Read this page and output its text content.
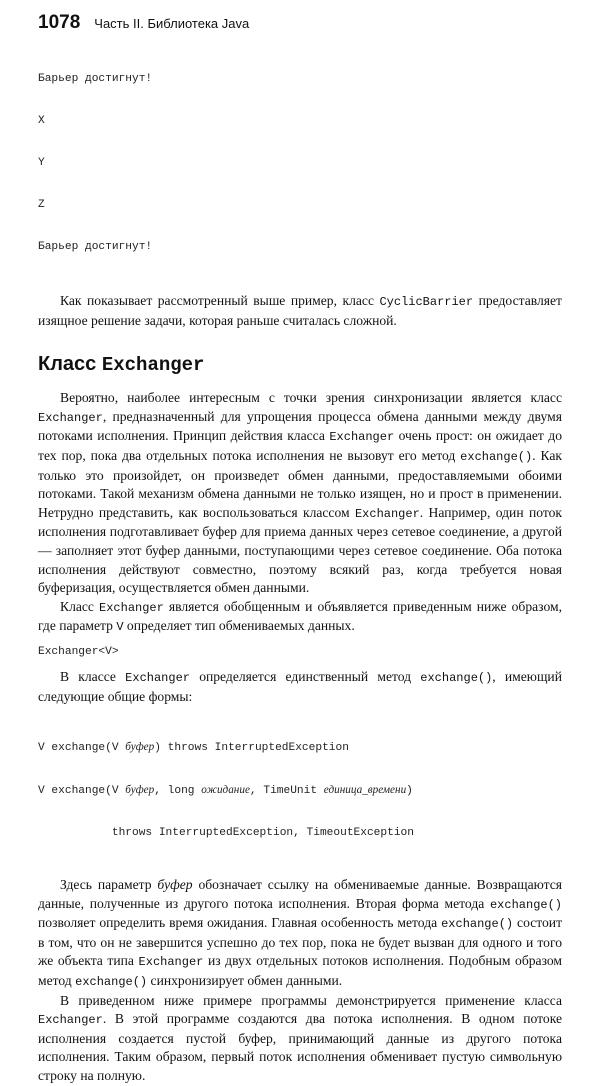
1078 Часть II. Библиотека Java

Барьер достигнут!

X

Y

Z

Барьер достигнут!

Как показывает рассмотренный выше пример, класс CyclicBarrier предоставляет изящное решение задачи, которая раньше считалась сложной.

Класс Exchanger

Вероятно, наиболее интересным с точки зрения синхронизации является класс Exchanger, предназначенный для упрощения процесса обмена данными между двумя потоками исполнения. Принцип действия класса Exchanger очень прост: он ожидает до тех пор, пока два отдельных потока исполнения не вызовут его метод exchange(). Как только это произойдет, он произведет обмен данными, предоставляемыми обоими потоками. Такой механизм обмена данными не только изящен, но и прост в применении. Нетрудно представить, как воспользоваться классом Exchanger. Например, один поток исполнения подготавливает буфер для приема данных через сетевое соединение, а другой — заполняет этот буфер данными, поступающими через сетевое соединение. Оба потока исполнения действуют совместно, поэтому всякий раз, когда требуется новая буферизация, осуществляется обмен данными.

Класс Exchanger является обобщенным и объявляется приведенным ниже образом, где параметр V определяет тип обмениваемых данных.

Exchanger<V>

В классе Exchanger определяется единственный метод exchange(), имеющий следующие общие формы:

V exchange(V буфер) throws InterruptedException

V exchange(V буфер, long ожидание, TimeUnit единица_времени)

throws InterruptedException, TimeoutException

Здесь параметр буфер обозначает ссылку на обмениваемые данные. Возвращаются данные, полученные из другого потока исполнения. Вторая форма метода exchange() позволяет определить время ожидания. Главная особенность метода exchange() состоит в том, что он не завершится успешно до тех пор, пока не будет вызван для одного и того же объекта типа Exchanger из двух отдельных потоков исполнения. Подобным образом метод exchange() синхронизирует обмен данными.

В приведенном ниже примере программы демонстрируется применение класса Exchanger. В этой программе создаются два потока исполнения. В одном потоке исполнения создается пустой буфер, принимающий данные из другого потока исполнения. Таким образом, первый поток исполнения обменивает пустую символьную строку на полную.
